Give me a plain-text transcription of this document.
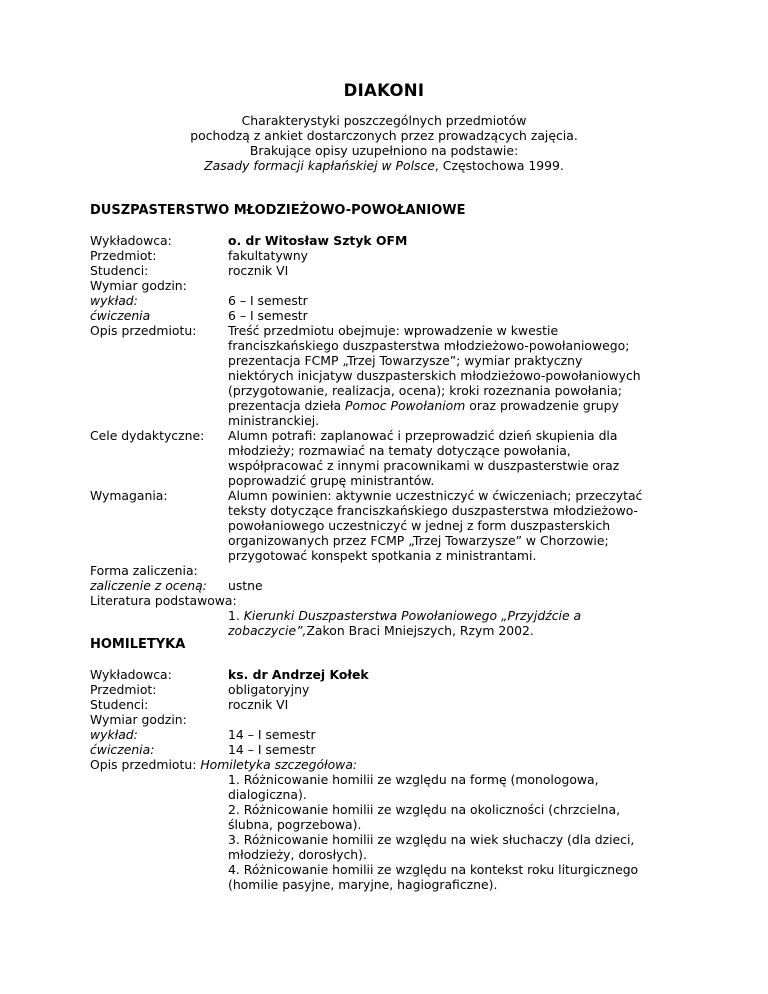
DIAKONI
Charakterystyki poszczególnych przedmiotów
pochodzą z ankiet dostarczonych przez prowadzących zajęcia.
Brakujące opisy uzupełniono na podstawie:
Zasady formacji kapłańskiej w Polsce, Częstochowa 1999.
DUSZPASTERSTWO MŁODZIEŻOWO-POWOŁANIOWE
Wykładowca:	o. dr Witosław Sztyk OFM
Przedmiot:	fakultatywny
Studenci:	rocznik VI
Wymiar godzin:
wykład:	6 – I semestr
ćwiczenia	6 – I semestr
Opis przedmiotu:	Treść przedmiotu obejmuje: wprowadzenie w kwestie
franciszkańskiego duszpasterstwa młodzieżowo-powołaniowego;
prezentacja FCMP „Trzej Towarzysze”; wymiar praktyczny
niektórych inicjatyw duszpasterskich młodzieżowo-powołaniowych
(przygotowanie, realizacja, ocena); kroki rozeznania powołania;
prezentacja dzieła Pomoc Powołaniom oraz prowadzenie grupy
ministranckiej.
Cele dydaktyczne: Alumn potrafi: zaplanować i przeprowadzić dzień skupienia dla
młodzieży; rozmawiać na tematy dotyczące powołania,
współpracować z innymi pracownikami w duszpasterstwie oraz
poprowadzić grupę ministrantów.
Wymagania:	Alumn powinien: aktywnie uczestniczyć w ćwiczeniach; przeczytać
teksty dotyczące franciszkańskiego duszpasterstwa młodzieżowo-
powołaniowego uczestniczyć w jednej z form duszpasterskich
organizowanych przez FCMP „Trzej Towarzysze” w Chorzowie;
przygotować konspekt spotkania z ministrantami.
Forma zaliczenia:
zaliczenie z oceną: ustne
Literatura podstawowa:
1. Kierunki Duszpasterstwa Powołaniowego „Przyjdźcie a
zobaczycie”,Zakon Braci Mniejszych, Rzym 2002.
HOMILETYKA
Wykładowca:	ks. dr Andrzej Kołek
Przedmiot:	obligatoryjny
Studenci:	rocznik VI
Wymiar godzin:
wykład:	14 – I semestr
ćwiczenia:	14 – I semestr
Opis przedmiotu: Homiletyka szczegółowa:
1. Różnicowanie homilii ze względu na formę (monologowa,
dialogiczna).
2. Różnicowanie homilii ze względu na okoliczności (chrzcielna,
ślubna, pogrzebowa).
3. Różnicowanie homilii ze względu na wiek słuchaczy (dla dzieci,
młodzieży, dorosłych).
4. Różnicowanie homilii ze względu na kontekst roku liturgicznego
(homilie pasyjne, maryjne, hagiograficzne).
